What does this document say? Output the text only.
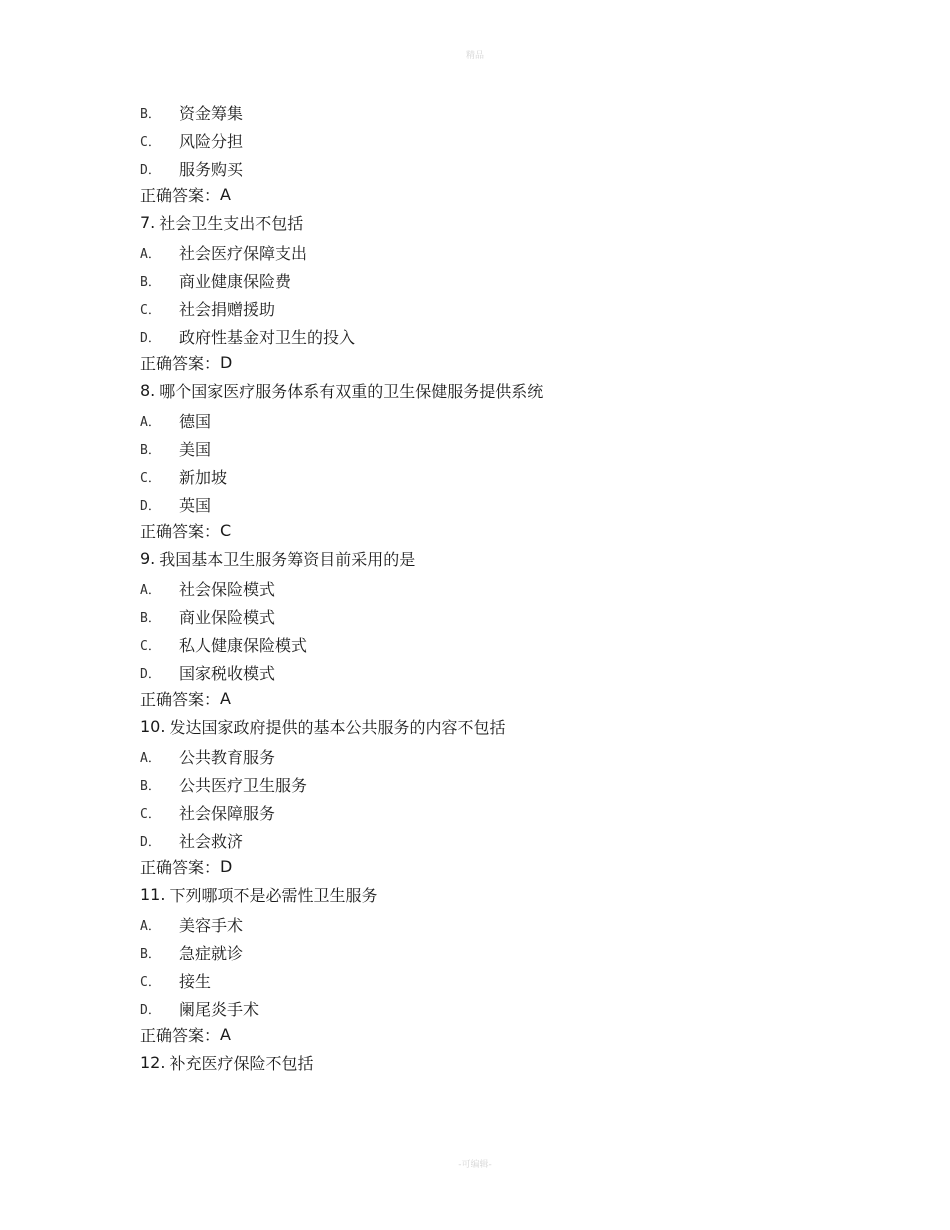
精品
B．	资金筹集
C．	风险分担
D．	服务购买
正确答案： A
7. 社会卫生支出不包括
A．	社会医疗保障支出
B．	商业健康保险费
C．	社会捐赠援助
D．	政府性基金对卫生的投入
正确答案： D
8. 哪个国家医疗服务体系有双重的卫生保健服务提供系统
A．	德国
B．	美国
C．	新加坡
D．	英国
正确答案： C
9. 我国基本卫生服务筹资目前采用的是
A．	社会保险模式
B．	商业保险模式
C．	私人健康保险模式
D．	国家税收模式
正确答案： A
10. 发达国家政府提供的基本公共服务的内容不包括
A．	公共教育服务
B．	公共医疗卫生服务
C．	社会保障服务
D．	社会救济
正确答案： D
11. 下列哪项不是必需性卫生服务
A．	美容手术
B．	急症就诊
C．	接生
D．	阑尾炎手术
正确答案： A
12. 补充医疗保险不包括
-可编辑-
